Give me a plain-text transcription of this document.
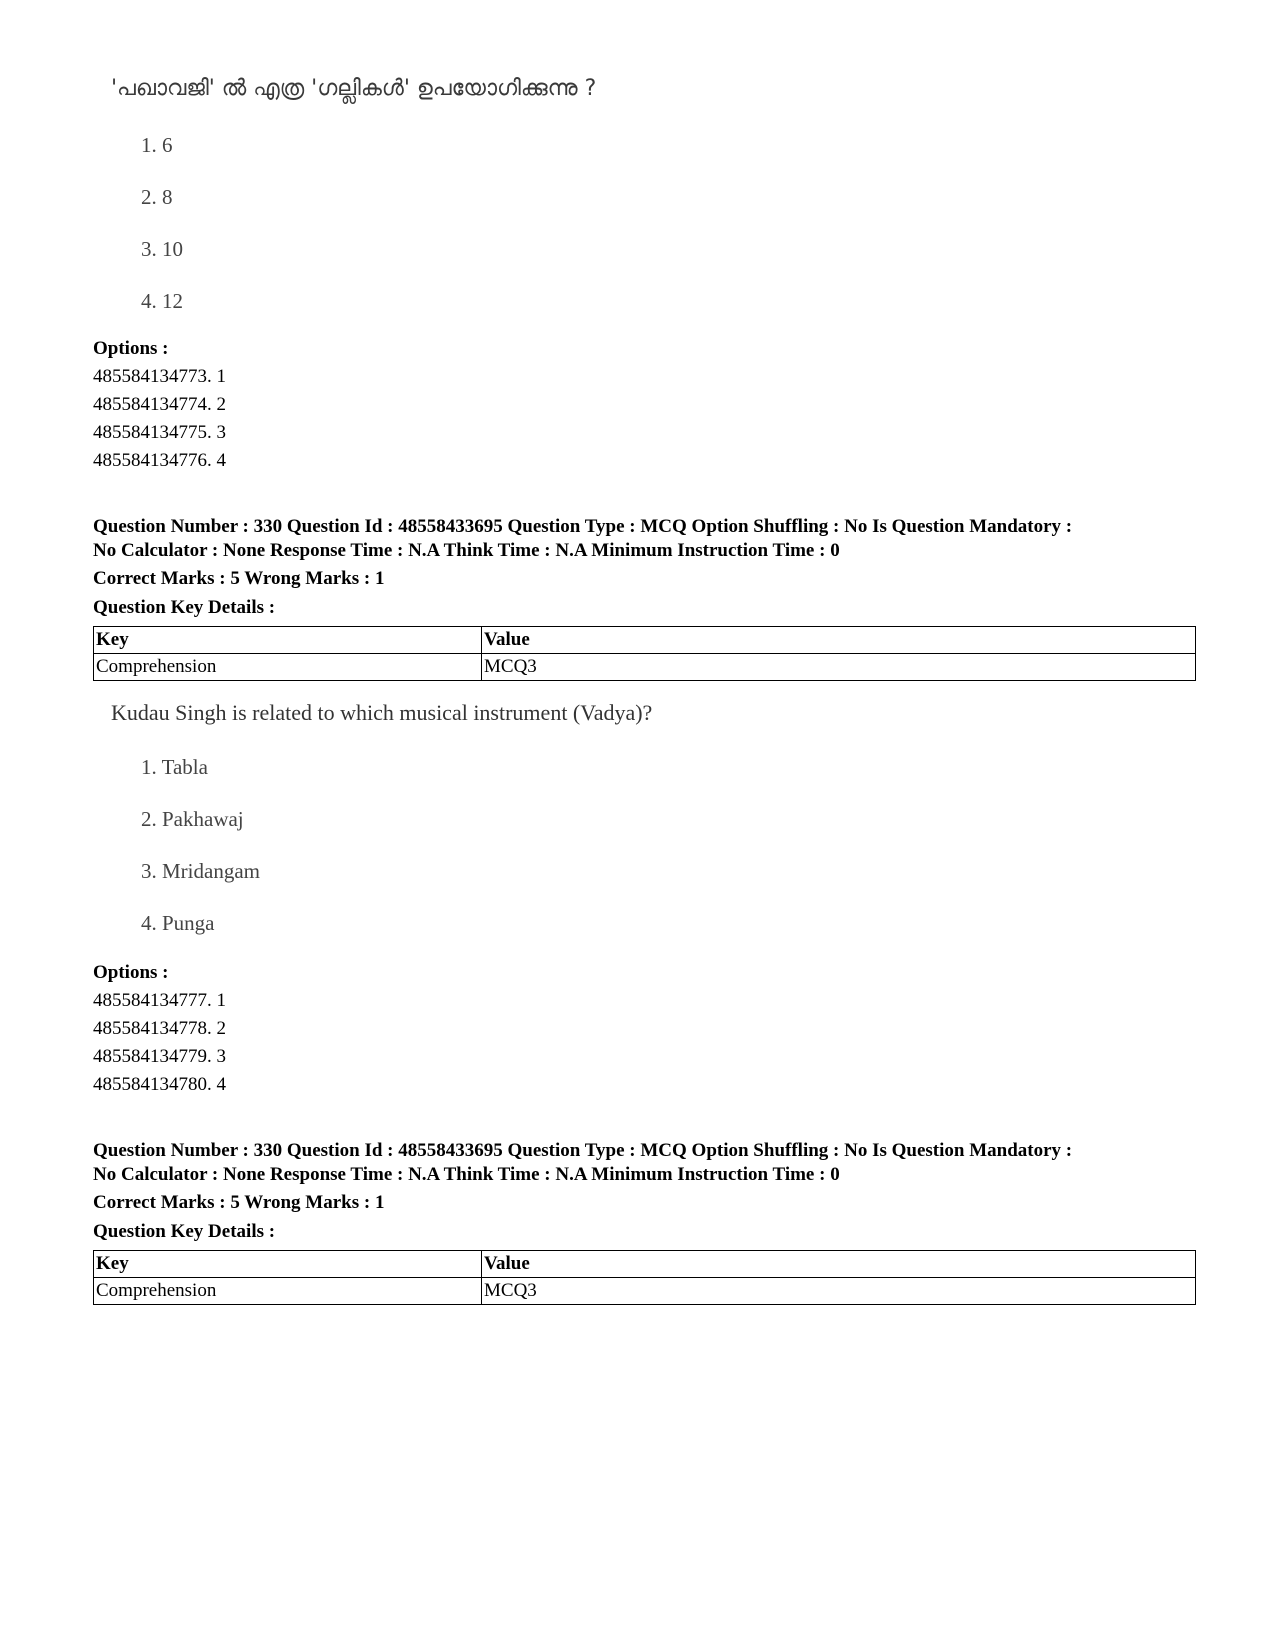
'പഖാവജി' ൽ എത്ര 'ഗല്ലികൾ' ഉപയോഗിക്കുന്നു ?
1. 6
2. 8
3. 10
4. 12
Options :
485584134773. 1
485584134774. 2
485584134775. 3
485584134776. 4
Question Number : 330 Question Id : 48558433695 Question Type : MCQ Option Shuffling : No Is Question Mandatory :
No Calculator : None Response Time : N.A Think Time : N.A Minimum Instruction Time : 0
Correct Marks : 5 Wrong Marks : 1
Question Key Details :
Key	Value
Comprehension	MCQ3
Kudau Singh is related to which musical instrument (Vadya)?
1. Tabla
2. Pakhawaj
3. Mridangam
4. Punga
Options :
485584134777. 1
485584134778. 2
485584134779. 3
485584134780. 4
Question Number : 330 Question Id : 48558433695 Question Type : MCQ Option Shuffling : No Is Question Mandatory :
No Calculator : None Response Time : N.A Think Time : N.A Minimum Instruction Time : 0
Correct Marks : 5 Wrong Marks : 1
Question Key Details :
Key	Value
Comprehension	MCQ3
